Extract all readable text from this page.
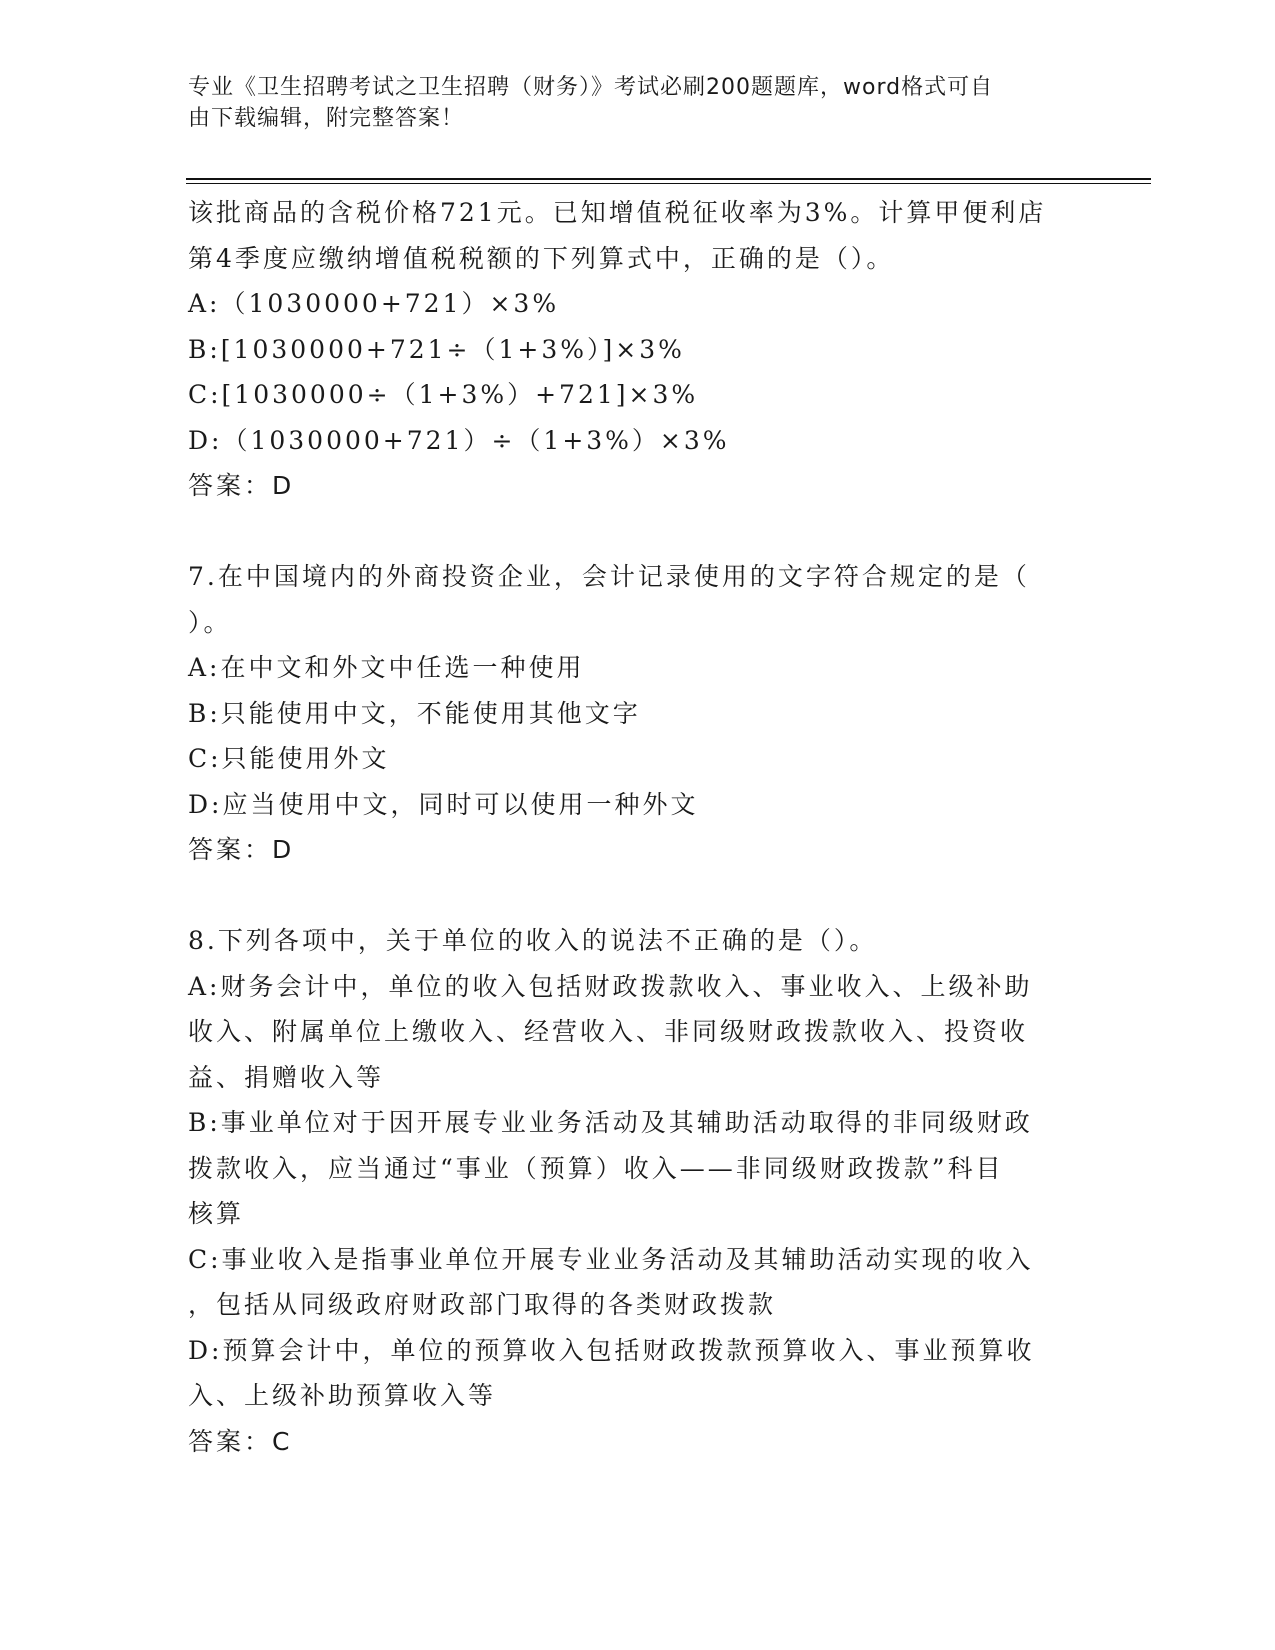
专业《卫生招聘考试之卫生招聘（财务）》考试必刷200题题库，word格式可自
由下载编辑，附完整答案！
该批商品的含税价格721元。已知增值税征收率为3%。计算甲便利店
第4季度应缴纳增值税税额的下列算式中，正确的是（）。
A:（1030000+721）×3%
B:[1030000+721÷（1+3%）]×3%
C:[1030000÷（1+3%）+721]×3%
D:（1030000+721）÷（1+3%）×3%
答案：D
7.在中国境内的外商投资企业，会计记录使用的文字符合规定的是（
）。
A:在中文和外文中任选一种使用
B:只能使用中文，不能使用其他文字
C:只能使用外文
D:应当使用中文，同时可以使用一种外文
答案：D
8.下列各项中，关于单位的收入的说法不正确的是（）。
A:财务会计中，单位的收入包括财政拨款收入、事业收入、上级补助
收入、附属单位上缴收入、经营收入、非同级财政拨款收入、投资收
益、捐赠收入等
B:事业单位对于因开展专业业务活动及其辅助活动取得的非同级财政
拨款收入，应当通过“事业（预算）收入——非同级财政拨款”科目
核算
C:事业收入是指事业单位开展专业业务活动及其辅助活动实现的收入
，包括从同级政府财政部门取得的各类财政拨款
D:预算会计中，单位的预算收入包括财政拨款预算收入、事业预算收
入、上级补助预算收入等
答案：C
